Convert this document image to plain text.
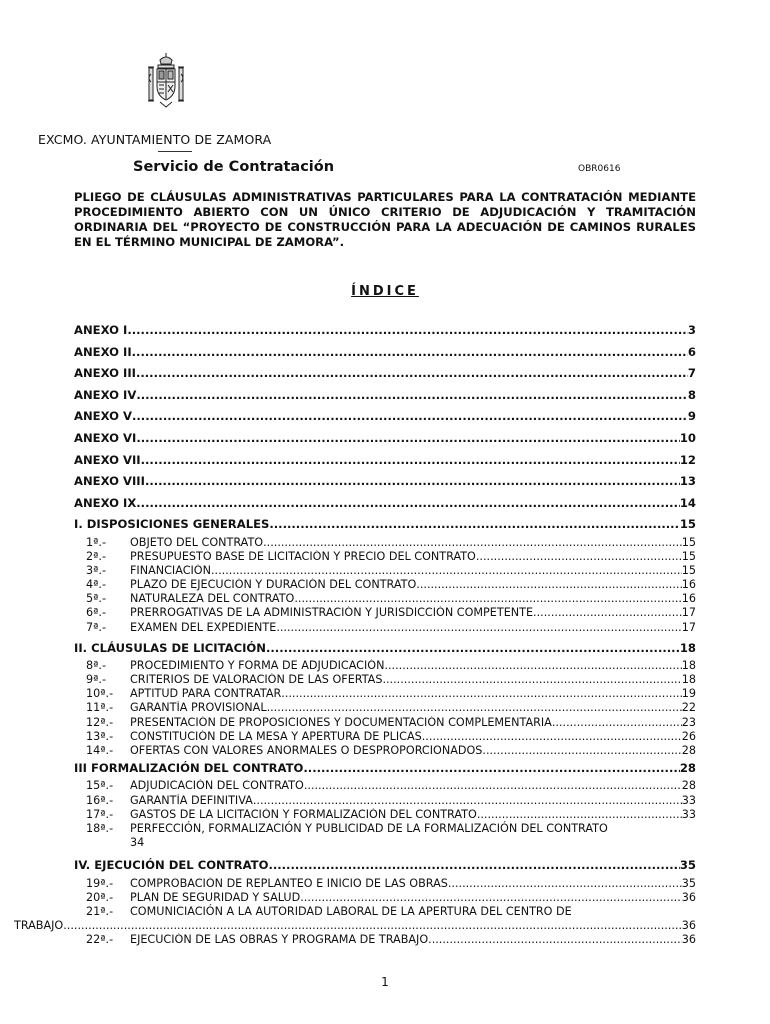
EXCMO. AYUNTAMIENTO DE ZAMORA
Servicio de Contratación	OBR0616
PLIEGO DE CLÁUSULAS ADMINISTRATIVAS PARTICULARES PARA LA CONTRATACIÓN MEDIANTE PROCEDIMIENTO ABIERTO CON UN ÚNICO CRITERIO DE ADJUDICACIÓN Y TRAMITACIÓN ORDINARIA DEL “PROYECTO DE CONSTRUCCIÓN PARA LA ADECUACIÓN DE CAMINOS RURALES EN EL TÉRMINO MUNICIPAL DE ZAMORA”.
ÍNDICE
ANEXO I .....	3
ANEXO II .....	6
ANEXO III .....	7
ANEXO IV .....	8
ANEXO V .....	9
ANEXO VI .....	10
ANEXO VII .....	12
ANEXO VIII .....	13
ANEXO IX .....	14
I. DISPOSICIONES GENERALES .....	15
1ª.- OBJETO DEL CONTRATO .....	15
2ª.- PRESUPUESTO BASE DE LICITACIÓN Y PRECIO DEL CONTRATO .....	15
3ª.- FINANCIACIÓN .....	15
4ª.- PLAZO DE EJECUCIÓN Y DURACIÓN DEL CONTRATO .....	16
5ª.- NATURALEZA DEL CONTRATO .....	16
6ª.- PRERROGATIVAS DE LA ADMINISTRACIÓN Y JURISDICCIÓN COMPETENTE .....	17
7ª.- EXAMEN DEL EXPEDIENTE .....	17
II. CLÁUSULAS DE LICITACIÓN .....	18
8ª.- PROCEDIMIENTO Y FORMA DE ADJUDICACIÓN .....	18
9ª.- CRITERIOS DE VALORACIÓN DE LAS OFERTAS .....	18
10ª.- APTITUD PARA CONTRATAR .....	19
11ª.- GARANTÍA PROVISIONAL .....	22
12ª.- PRESENTACIÓN DE PROPOSICIONES Y DOCUMENTACIÓN COMPLEMENTARIA .....	23
13ª.- CONSTITUCIÓN DE LA MESA Y APERTURA DE PLICAS .....	26
14ª.- OFERTAS CON VALORES ANORMALES O DESPROPORCIONADOS .....	28
III FORMALIZACIÓN DEL CONTRATO .....	28
15ª.- ADJUDICACIÓN DEL CONTRATO .....	28
16ª.- GARANTÍA DEFINITIVA .....	33
17ª.- GASTOS DE LA LICITACIÓN Y FORMALIZACIÓN DEL CONTRATO .....	33
18ª.- PERFECCIÓN, FORMALIZACIÓN Y PUBLICIDAD DE LA FORMALIZACIÓN DEL CONTRATO
34
IV. EJECUCIÓN DEL CONTRATO .....	35
19ª.- COMPROBACIÓN DE REPLANTEO E INICIO DE LAS OBRAS .....	35
20ª.- PLAN DE SEGURIDAD Y SALUD .....	36
21ª.- COMUNICIACIÓN A LA AUTORIDAD LABORAL DE LA APERTURA DEL CENTRO DE
TRABAJO .....	36
22ª.- EJECUCIÓN DE LAS OBRAS Y PROGRAMA DE TRABAJO .....	36
1
